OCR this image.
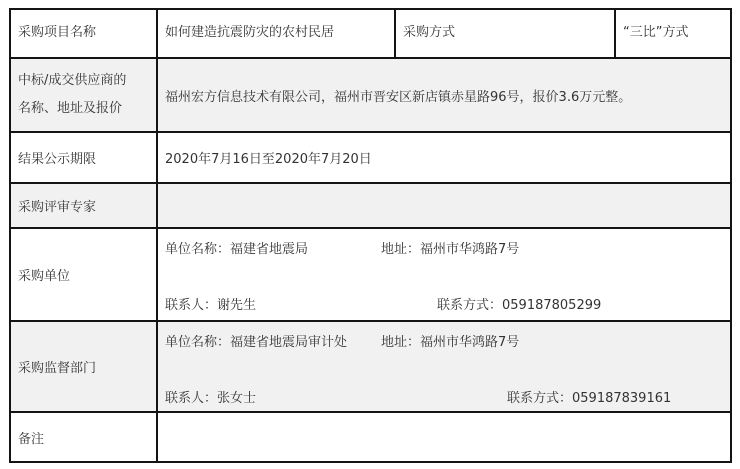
采购项目名称	如何建造抗震防灾的农村民居	采购方式	“三比”方式

中标/成交供应商的
名称、地址及报价	福州宏方信息技术有限公司，福州市晋安区新店镇赤星路96号，报价3.6万元整。		
结果公示期限	2020年7月16日至2020年7月20日		
采购评审专家			
采购单位	单位名称：福建省地震局 地址：福州市华鸿路7号
联系人：谢先生 联系方式：059187805299		

采购监督部门	单位名称：福建省地震局审计处 地址：福州市华鸿路7号
联系人：张女士 联系方式：059187839161		

备注			
